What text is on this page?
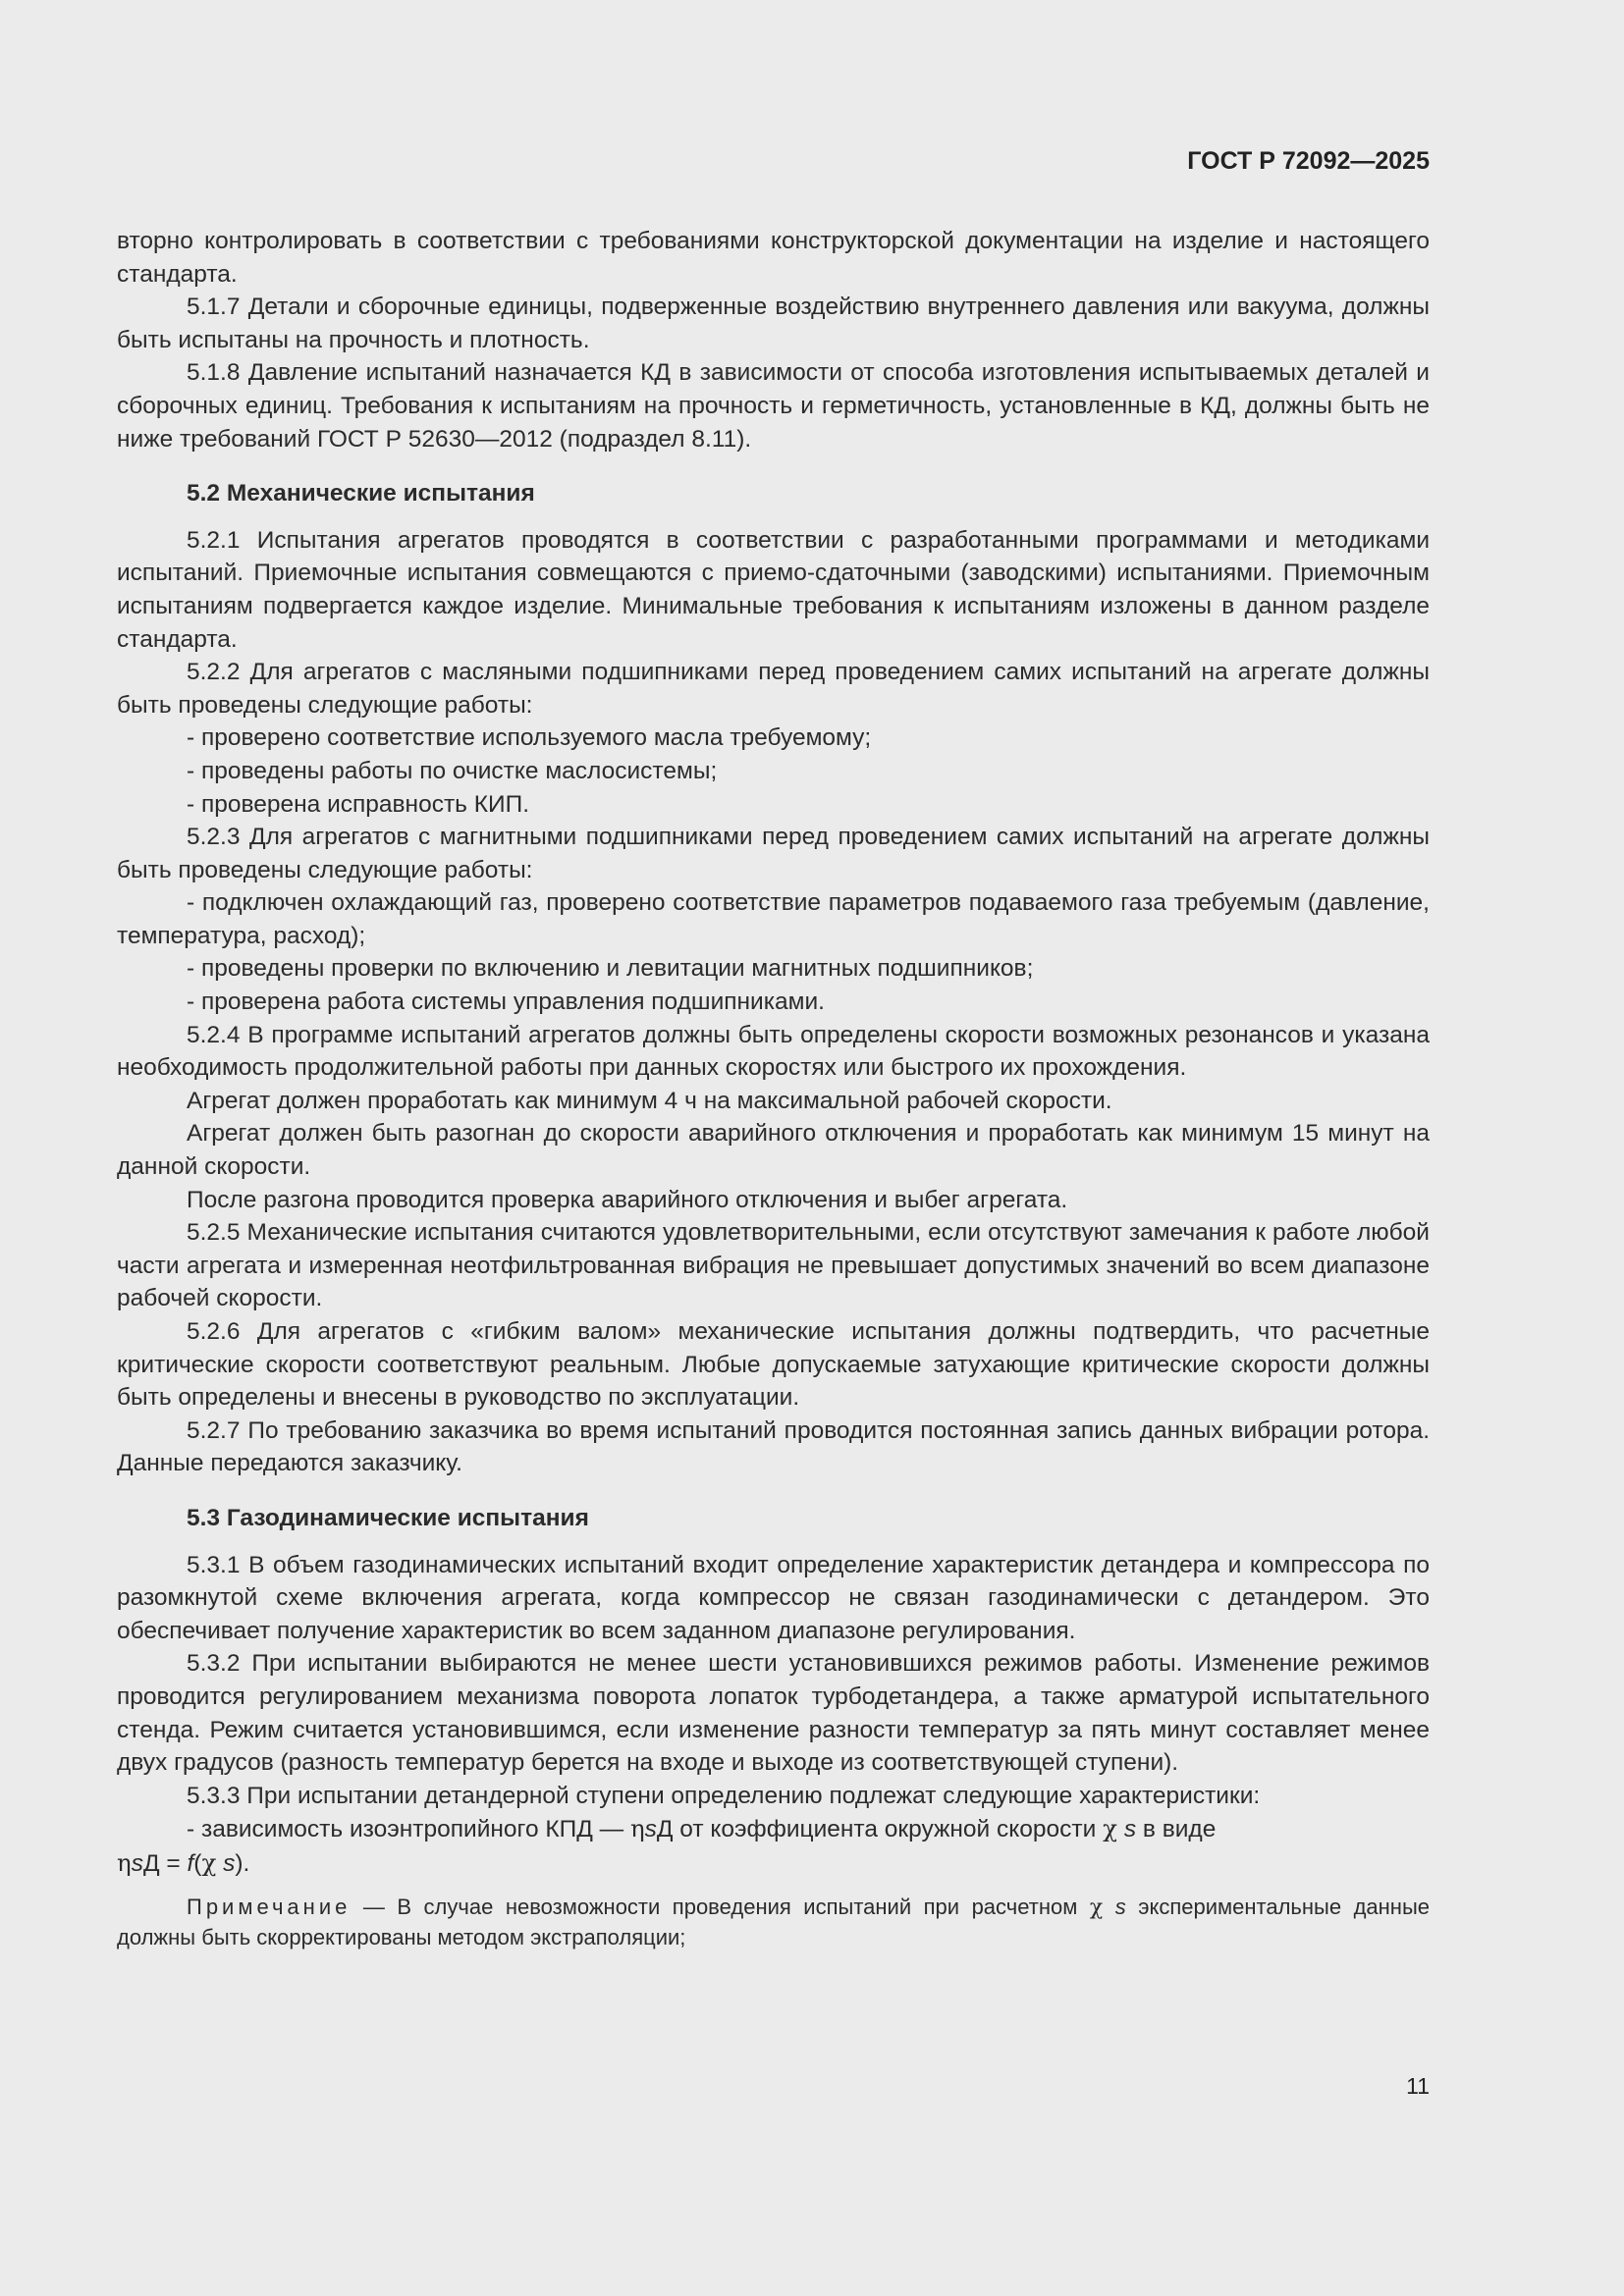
ГОСТ Р 72092—2025

вторно контролировать в соответствии с требованиями конструкторской документации на изделие и настоящего стандарта.

5.1.7 Детали и сборочные единицы, подверженные воздействию внутреннего давления или вакуума, должны быть испытаны на прочность и плотность.

5.1.8 Давление испытаний назначается КД в зависимости от способа изготовления испытываемых деталей и сборочных единиц. Требования к испытаниям на прочность и герметичность, установленные в КД, должны быть не ниже требований ГОСТ Р 52630—2012 (подраздел 8.11).

5.2 Механические испытания

5.2.1 Испытания агрегатов проводятся в соответствии с разработанными программами и методиками испытаний. Приемочные испытания совмещаются с приемо-сдаточными (заводскими) испытаниями. Приемочным испытаниям подвергается каждое изделие. Минимальные требования к испытаниям изложены в данном разделе стандарта.

5.2.2 Для агрегатов с масляными подшипниками перед проведением самих испытаний на агрегате должны быть проведены следующие работы:

- проверено соответствие используемого масла требуемому;

- проведены работы по очистке маслосистемы;

- проверена исправность КИП.

5.2.3 Для агрегатов с магнитными подшипниками перед проведением самих испытаний на агрегате должны быть проведены следующие работы:

- подключен охлаждающий газ, проверено соответствие параметров подаваемого газа требуемым (давление, температура, расход);

- проведены проверки по включению и левитации магнитных подшипников;

- проверена работа системы управления подшипниками.

5.2.4 В программе испытаний агрегатов должны быть определены скорости возможных резонансов и указана необходимость продолжительной работы при данных скоростях или быстрого их прохождения.

Агрегат должен проработать как минимум 4 ч на максимальной рабочей скорости.

Агрегат должен быть разогнан до скорости аварийного отключения и проработать как минимум 15 минут на данной скорости.

После разгона проводится проверка аварийного отключения и выбег агрегата.

5.2.5 Механические испытания считаются удовлетворительными, если отсутствуют замечания к работе любой части агрегата и измеренная неотфильтрованная вибрация не превышает допустимых значений во всем диапазоне рабочей скорости.

5.2.6 Для агрегатов с «гибким валом» механические испытания должны подтвердить, что расчетные критические скорости соответствуют реальным. Любые допускаемые затухающие критические скорости должны быть определены и внесены в руководство по эксплуатации.

5.2.7 По требованию заказчика во время испытаний проводится постоянная запись данных вибрации ротора. Данные передаются заказчику.

5.3 Газодинамические испытания

5.3.1 В объем газодинамических испытаний входит определение характеристик детандера и компрессора по разомкнутой схеме включения агрегата, когда компрессор не связан газодинамически с детандером. Это обеспечивает получение характеристик во всем заданном диапазоне регулирования.

5.3.2 При испытании выбираются не менее шести установившихся режимов работы. Изменение режимов проводится регулированием механизма поворота лопаток турбодетандера, а также арматурой испытательного стенда. Режим считается установившимся, если изменение разности температур за пять минут составляет менее двух градусов (разность температур берется на входе и выходе из соответствующей ступени).

5.3.3 При испытании детандерной ступени определению подлежат следующие характеристики:

- зависимость изоэнтропийного КПД — ηsД от коэффициента окружной скорости χ s в виде
ηsД = f(χ s).

Примечание — В случае невозможности проведения испытаний при расчетном χ s экспериментальные данные должны быть скорректированы методом экстраполяции;

11
